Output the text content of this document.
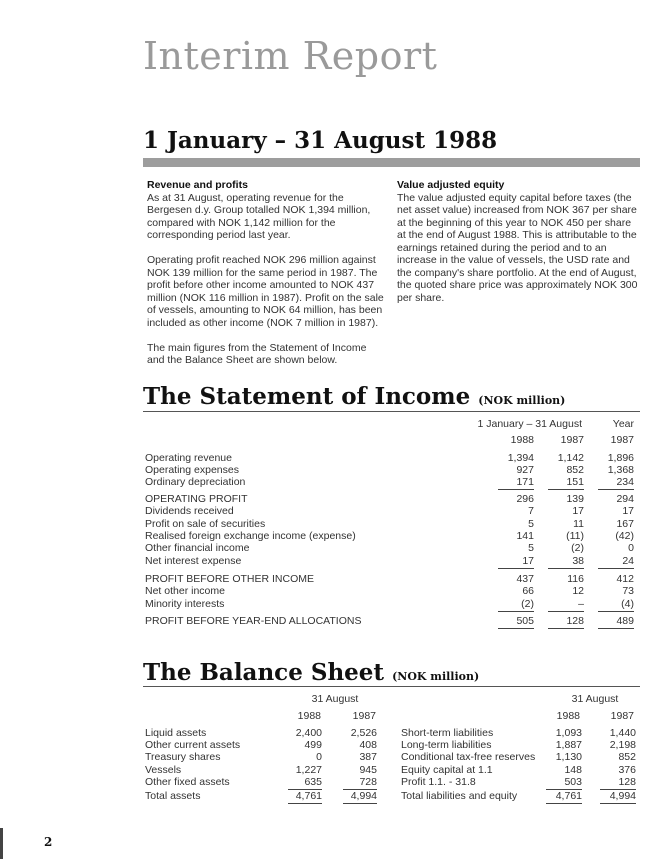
Interim Report
1 January – 31 August 1988
Revenue and profits

As at 31 August, operating revenue for the Bergesen d.y. Group totalled NOK 1,394 million, compared with NOK 1,142 million for the corresponding period last year.

Operating profit reached NOK 296 million against NOK 139 million for the same period in 1987. The profit before other income amounted to NOK 437 million (NOK 116 million in 1987). Profit on the sale of vessels, amounting to NOK 64 million, has been included as other income (NOK 7 million in 1987).

The main figures from the Statement of Income and the Balance Sheet are shown below.

Value adjusted equity

The value adjusted equity capital before taxes (the net asset value) increased from NOK 367 per share at the beginning of this year to NOK 450 per share at the end of August 1988. This is attributable to the earnings retained during the period and to an increase in the value of vessels, the USD rate and the company's share portfolio. At the end of August, the quoted share price was approximately NOK 300 per share.

The Statement of Income (NOK million)
1 January – 31 August	Year
1988	1987	1987
Operating revenue	1,394	1,142	1,896
Operating expenses	927	852	1,368
Ordinary depreciation	171	151	234
OPERATING PROFIT	296	139	294
Dividends received	7	17	17
Profit on sale of securities	5	11	167
Realised foreign exchange income (expense)	141	(11)	(42)
Other financial income	5	(2)	0
Net interest expense	17	38	24
PROFIT BEFORE OTHER INCOME	437	116	412
Net other income	66	12	73
Minority interests	(2)	–	(4)
PROFIT BEFORE YEAR-END ALLOCATIONS	505	128	489
The Balance Sheet (NOK million)
31 August
1988	1987
31 August
1988	1987
Liquid assets	2,400	2,526
Other current assets	499	408
Treasury shares	0	387
Vessels	1,227	945
Other fixed assets	635	728
Total assets	4,761	4,994
Short-term liabilities	1,093	1,440
Long-term liabilities	1,887	2,198
Conditional tax-free reserves	1,130	852
Equity capital at 1.1	148	376
Profit 1.1. - 31.8	503	128
Total liabilities and equity	4,761	4,994
2
